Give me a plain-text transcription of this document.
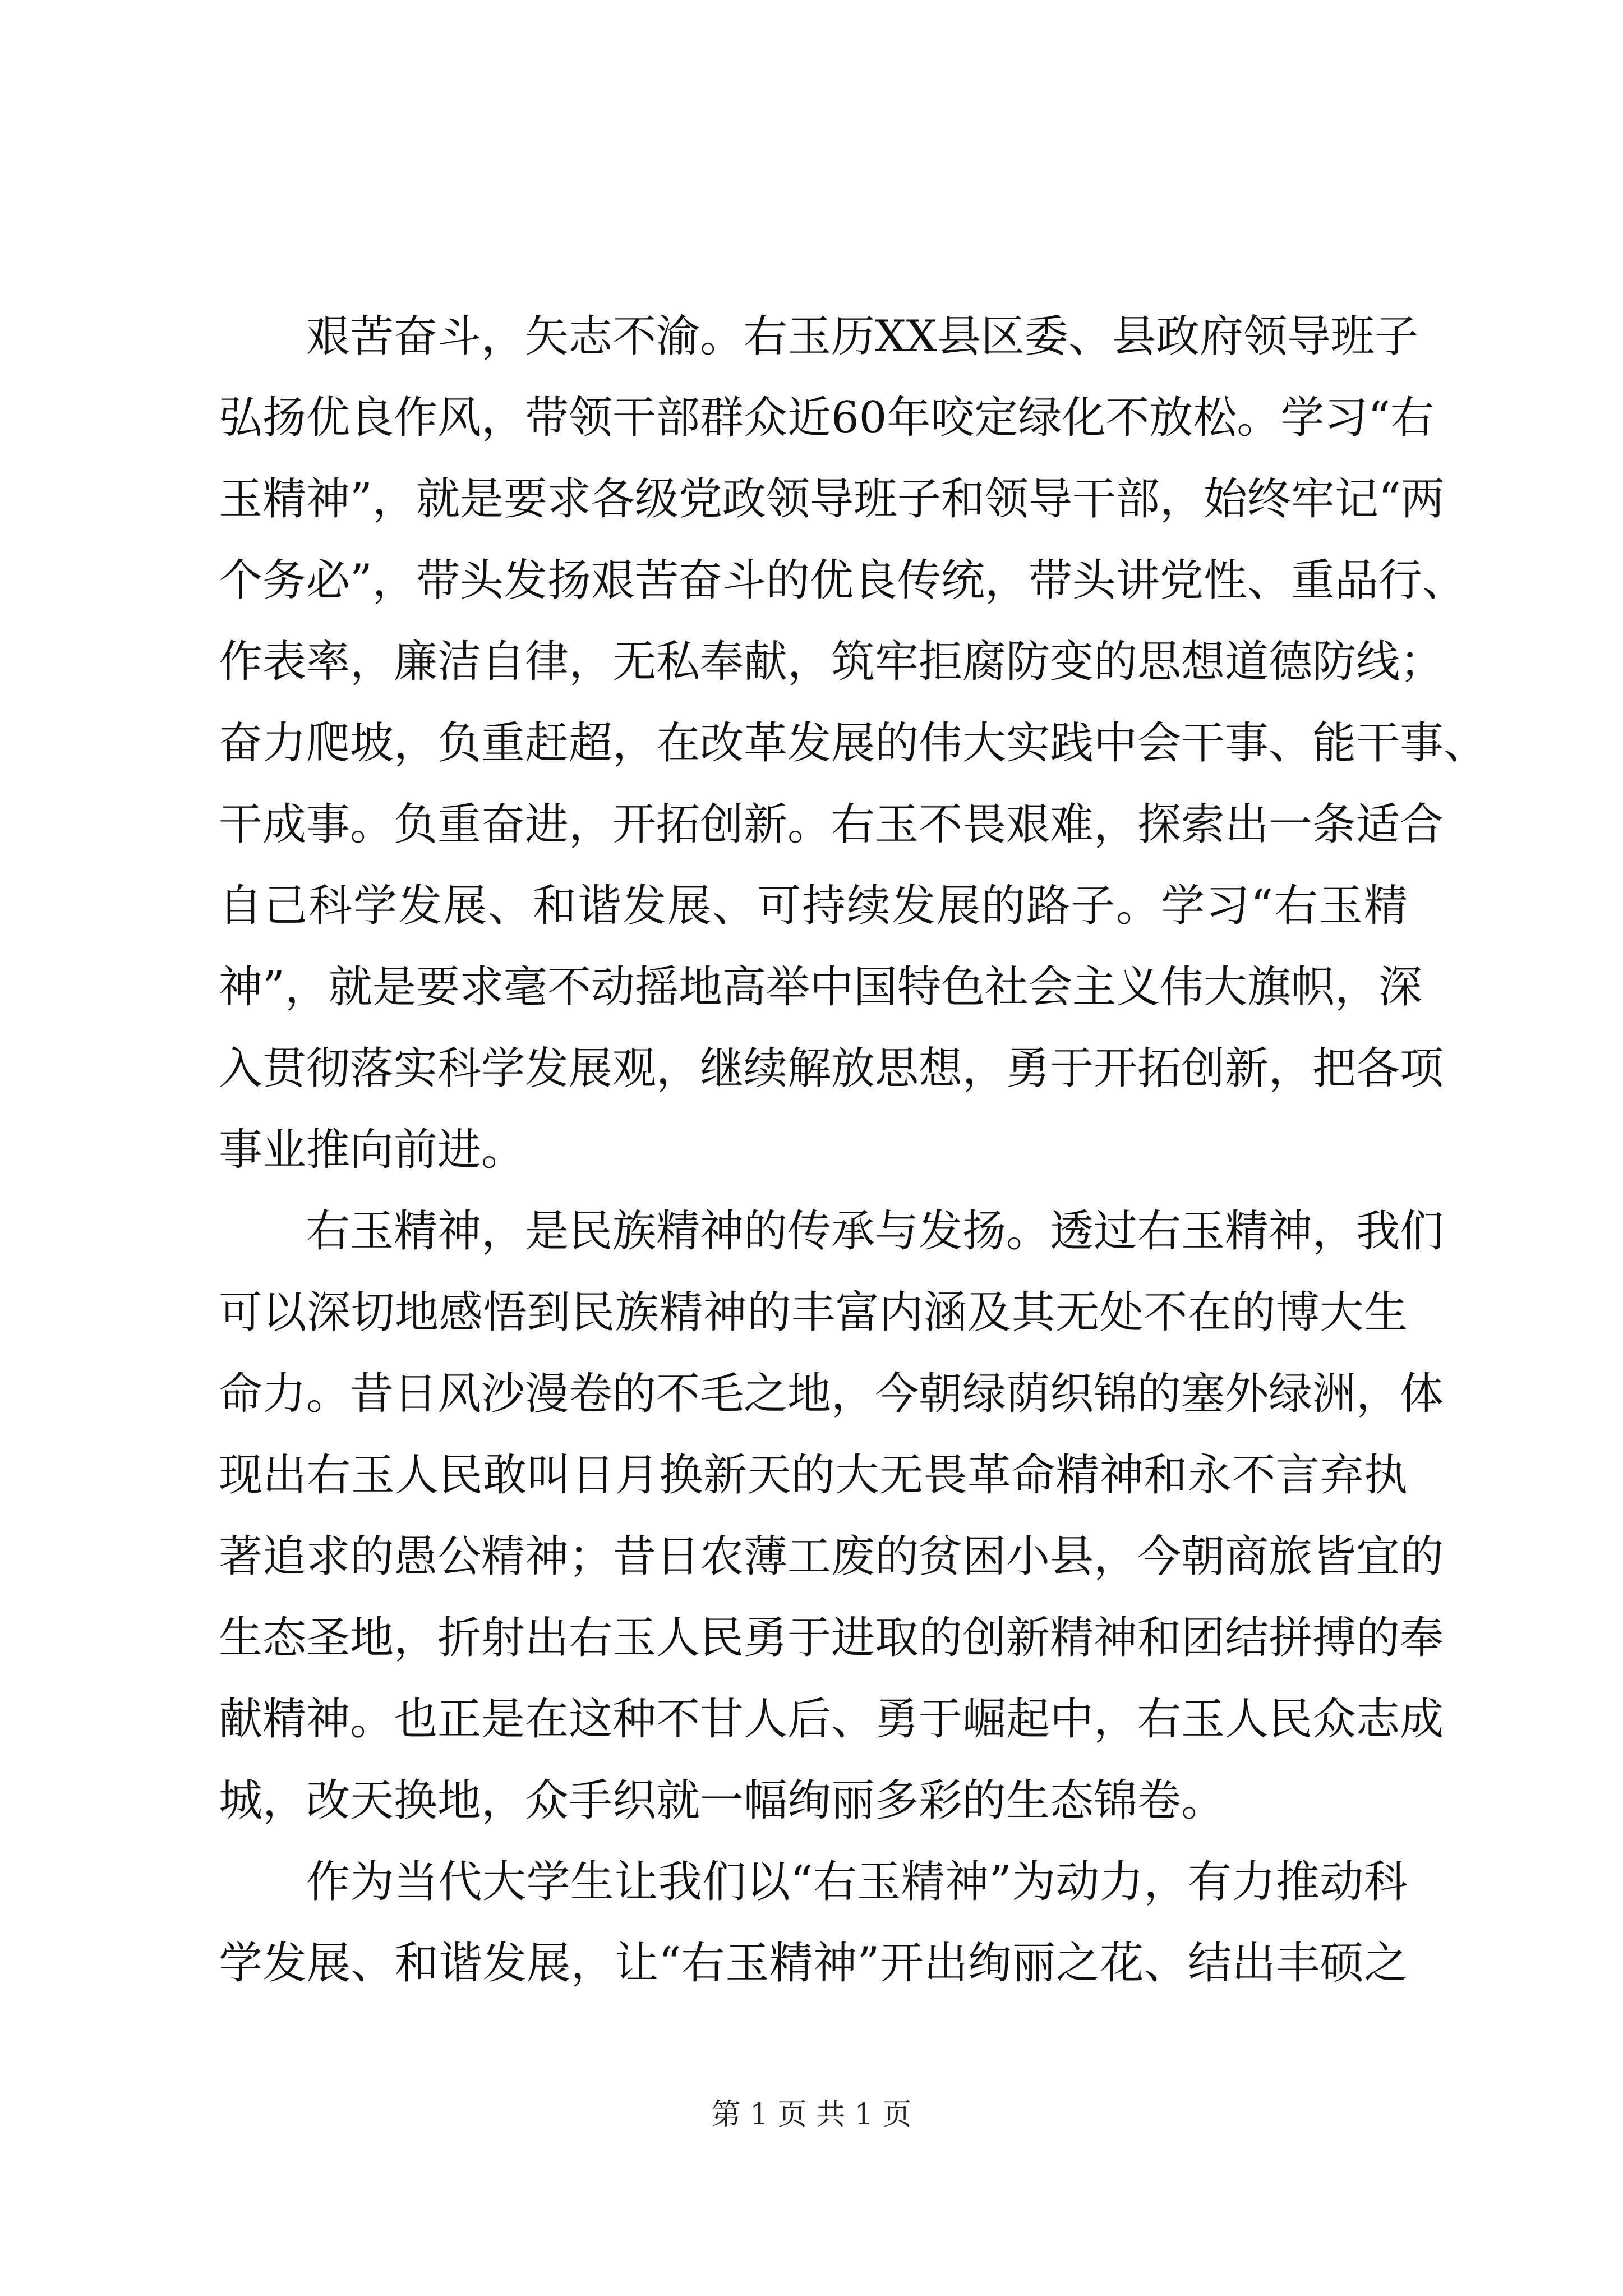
艰苦奋斗，矢志不渝。右玉历XX县区委、县政府领导班子

弘扬优良作风，带领干部群众近60年咬定绿化不放松。学习“右

玉精神”，就是要求各级党政领导班子和领导干部，始终牢记“两

个务必”，带头发扬艰苦奋斗的优良传统，带头讲党性、重品行、

作表率，廉洁自律，无私奉献，筑牢拒腐防变的思想道德防线；

奋力爬坡，负重赶超，在改革发展的伟大实践中会干事、能干事、

干成事。负重奋进，开拓创新。右玉不畏艰难，探索出一条适合

自己科学发展、和谐发展、可持续发展的路子。学习“右玉精

神”，就是要求毫不动摇地高举中国特色社会主义伟大旗帜，深

入贯彻落实科学发展观，继续解放思想，勇于开拓创新，把各项

事业推向前进。

右玉精神，是民族精神的传承与发扬。透过右玉精神，我们

可以深切地感悟到民族精神的丰富内涵及其无处不在的博大生

命力。昔日风沙漫卷的不毛之地，今朝绿荫织锦的塞外绿洲，体

现出右玉人民敢叫日月换新天的大无畏革命精神和永不言弃执

著追求的愚公精神；昔日农薄工废的贫困小县，今朝商旅皆宜的

生态圣地，折射出右玉人民勇于进取的创新精神和团结拼搏的奉

献精神。也正是在这种不甘人后、勇于崛起中，右玉人民众志成

城，改天换地，众手织就一幅绚丽多彩的生态锦卷。

作为当代大学生让我们以“右玉精神”为动力，有力推动科

学发展、和谐发展，让“右玉精神”开出绚丽之花、结出丰硕之

第 1 页 共 1 页
